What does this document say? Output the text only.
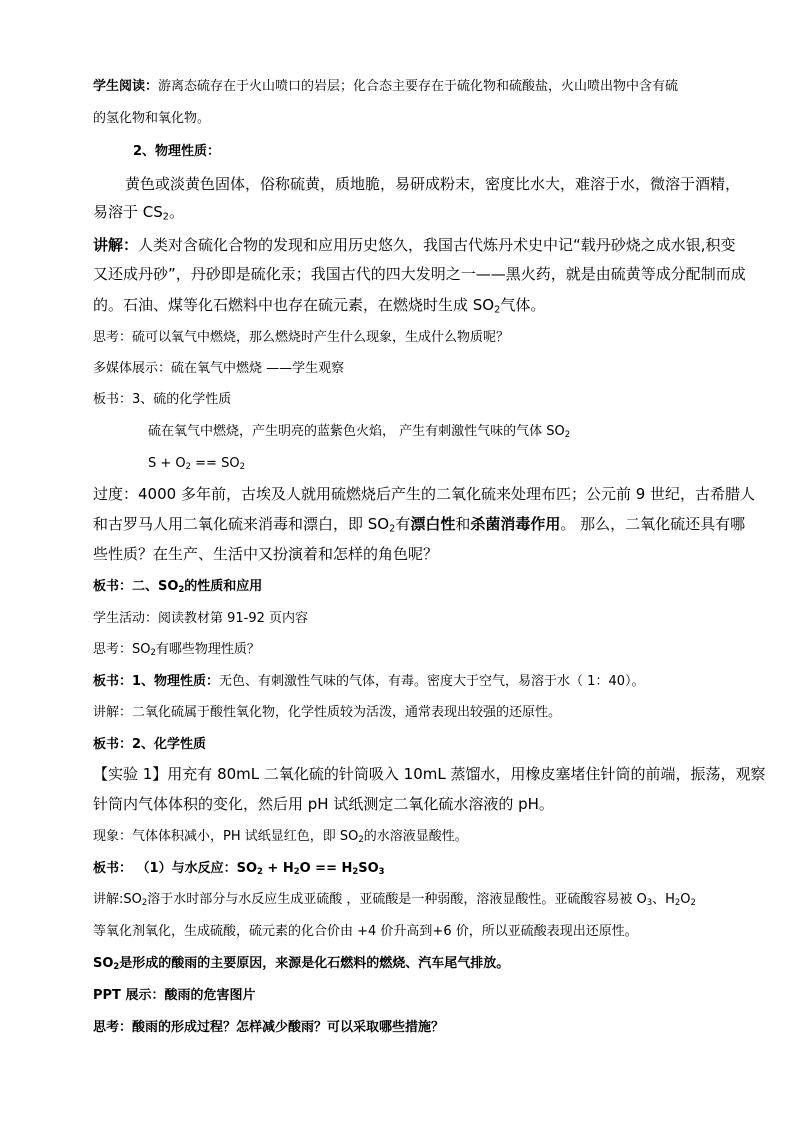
学生阅读：游离态硫存在于火山喷口的岩层；化合态主要存在于硫化物和硫酸盐，火山喷出物中含有硫
的氢化物和氧化物。
2、物理性质：
黄色或淡黄色固体，俗称硫黄，质地脆，易研成粉末，密度比水大，难溶于水，微溶于酒精，
易溶于 $CS_2$。
讲解：人类对含硫化合物的发现和应用历史悠久，我国古代炼丹术史中记“载丹砂烧之成水银,积变
又还成丹砂”，丹砂即是硫化汞；我国古代的四大发明之一——黑火药，就是由硫黄等成分配制而成
的。石油、煤等化石燃料中也存在硫元素，在燃烧时生成 $SO_2$气体。
思考：硫可以氧气中燃烧，那么燃烧时产生什么现象，生成什么物质呢？
多媒体展示：硫在氧气中燃烧 ——学生观察
板书：3、硫的化学性质
硫在氧气中燃烧，产生明亮的蓝紫色火焰， 产生有刺激性气味的气体 $SO_2$
$S + O_2 == SO_2$
过度：4000 多年前，古埃及人就用硫燃烧后产生的二氧化硫来处理布匹；公元前 9 世纪，古希腊人
和古罗马人用二氧化硫来消毒和漂白，即 $SO_2$有漂白性和杀菌消毒作用。 那么，二氧化硫还具有哪
些性质？在生产、生活中又扮演着和怎样的角色呢？
板书：二、$SO_2$的性质和应用
学生活动：阅读教材第 91-92 页内容
思考：$SO_2$有哪些物理性质？
板书：1、物理性质：无色、有刺激性气味的气体，有毒。密度大于空气，易溶于水（ 1：40）。
讲解：二氧化硫属于酸性氧化物，化学性质较为活泼，通常表现出较强的还原性。
板书：2、化学性质
【实验 1】用充有 80mL 二氧化硫的针筒吸入 10mL 蒸馏水，用橡皮塞堵住针筒的前端，振荡，观察
针筒内气体体积的变化，然后用 pH 试纸测定二氧化硫水溶液的 pH。
现象：气体体积减小，PH 试纸显红色，即 $SO_2$的水溶液显酸性。
板书： （1）与水反应：$SO_2 + H_2O == H_2SO_3$
讲解$:SO_2$溶于水时部分与水反应生成亚硫酸 ，亚硫酸是一种弱酸，溶液显酸性。亚硫酸容易被 $O_3$、$H_2O_2$
等氧化剂氧化，生成硫酸，硫元素的化合价由 +4 价升高到+6 价，所以亚硫酸表现出还原性。
$SO_2$是形成的酸雨的主要原因，来源是化石燃料的燃烧、汽车尾气排放。
PPT 展示：酸雨的危害图片
思考：酸雨的形成过程？怎样减少酸雨？可以采取哪些措施？
